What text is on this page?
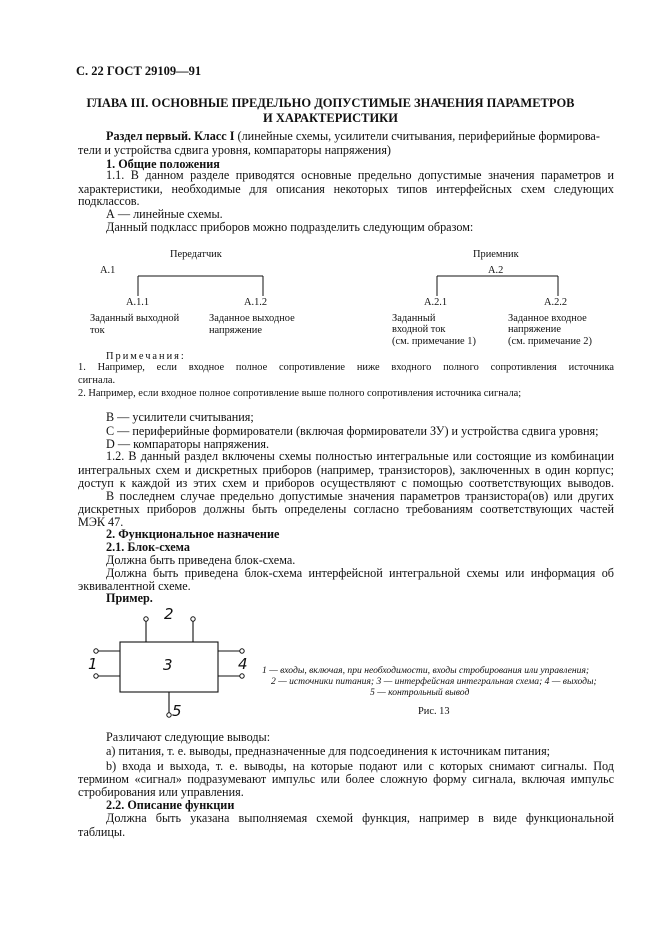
С. 22 ГОСТ 29109—91
ГЛАВА III. ОСНОВНЫЕ ПРЕДЕЛЬНО ДОПУСТИМЫЕ ЗНАЧЕНИЯ ПАРАМЕТРОВ
И ХАРАКТЕРИСТИКИ
Раздел первый. Класс I (линейные схемы, усилители считывания, периферийные формирова-
тели и устройства сдвига уровня, компараторы напряжения)
1. Общие положения
1.1. В данном разделе приводятся основные предельно допустимые значения параметров и
характеристики, необходимые для описания некоторых типов интерфейсных схем следующих
подклассов.
А — линейные схемы.
Данный подкласс приборов можно подразделить следующим образом:
Передатчик	Приемник
А.1	А.2
А.1.1	А.1.2	А.2.1	А.2.2
Заданный выходной
ток
Заданное выходное
напряжение
Заданный
входной ток
(см. примечание 1)
Заданное входное
напряжение
(см. примечание 2)
Примечания:
1. Например, если входное полное сопротивление ниже входного полного сопротивления источника
сигнала.
2. Например, если входное полное сопротивление выше полного сопротивления источника сигнала;
В — усилители считывания;
С — периферийные формирователи (включая формирователи ЗУ) и устройства сдвига уровня;
D — компараторы напряжения.
1.2. В данный раздел включены схемы полностью интегральные или состоящие из комбинации
интегральных схем и дискретных приборов (например, транзисторов), заключенных в один корпус;
доступ к каждой из этих схем и приборов осуществляют с помощью соответствующих выводов.
В последнем случае предельно допустимые значения параметров транзистора(ов) или других
дискретных приборов должны быть определены согласно требованиям соответствующих частей
МЭК 47.
2. Функциональное назначение
2.1. Блок-схема
Должна быть приведена блок-схема.
Должна быть приведена блок-схема интерфейсной интегральной схемы или информация об
эквивалентной схеме.
Пример.
2
1	3	4
5
1 — входы, включая, при необходимости, входы стробирования или управления;
2 — источники питания; 3 — интерфейсная интегральная схема; 4 — выходы;
5 — контрольный вывод
Рис. 13
Различают следующие выводы:
а) питания, т. е. выводы, предназначенные для подсоединения к источникам питания;
b) входа и выхода, т. е. выводы, на которые подают или с которых снимают сигналы. Под
термином «сигнал» подразумевают импульс или более сложную форму сигнала, включая импульс
стробирования или управления.
2.2. Описание функции
Должна быть указана выполняемая схемой функция, например в виде функциональной
таблицы.
